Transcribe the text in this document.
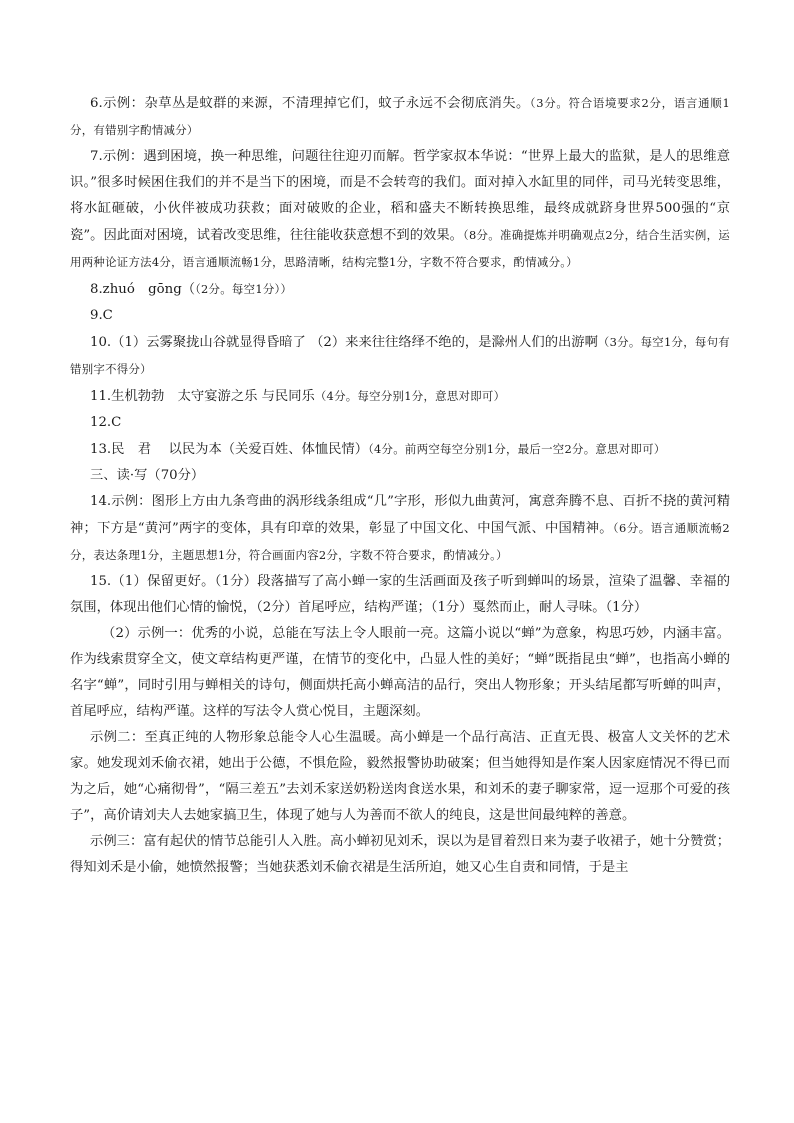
6.示例：杂草丛是蚊群的来源，不清理掉它们，蚊子永远不会彻底消失。（3分。符合语境要求2分，语言通顺1分，有错别字酌情减分）

7.示例：遇到困境，换一种思维，问题往往迎刃而解。哲学家叔本华说：“世界上最大的监狱，是人的思维意识。”很多时候困住我们的并不是当下的困境，而是不会转弯的我们。面对掉入水缸里的同伴，司马光转变思维，将水缸砸破，小伙伴被成功获救；面对破败的企业，稻和盛夫不断转换思维，最终成就跻身世界500强的“京瓷”。因此面对困境，试着改变思维，往往能收获意想不到的效果。（8分。准确提炼并明确观点2分，结合生活实例，运用两种论证方法4分，语言通顺流畅1分，思路清晰，结构完整1分，字数不符合要求，酌情减分。）

8.zhuó　gōng（（2分。每空1分））

9.C

10.（1）云雾聚拢山谷就显得昏暗了 （2）来来往往络绎不绝的，是滁州人们的出游啊（3分。每空1分，每句有错别字不得分）

11.生机勃勃　太守宴游之乐 与民同乐（4分。每空分别1分，意思对即可）

12.C

13.民　君　 以民为本（关爱百姓、体恤民情）（4分。前两空每空分别1分，最后一空2分。意思对即可）

三、读·写（70分）

14.示例：图形上方由九条弯曲的涡形线条组成“几”字形，形似九曲黄河，寓意奔腾不息、百折不挠的黄河精神；下方是“黄河”两字的变体，具有印章的效果，彰显了中国文化、中国气派、中国精神。（6分。语言通顺流畅2分，表达条理1分，主题思想1分，符合画面内容2分，字数不符合要求，酌情减分。）

15.（1）保留更好。（1分）段落描写了高小蝉一家的生活画面及孩子听到蝉叫的场景，渲染了温馨、幸福的氛围，体现出他们心情的愉悦，（2分）首尾呼应，结构严谨；（1分）戛然而止，耐人寻味。（1分）

（2）示例一：优秀的小说，总能在写法上令人眼前一亮。这篇小说以“蝉”为意象，构思巧妙，内涵丰富。作为线索贯穿全文，使文章结构更严谨，在情节的变化中，凸显人性的美好；“蝉”既指昆虫“蝉”，也指高小蝉的名字“蝉”，同时引用与蝉相关的诗句，侧面烘托高小蝉高洁的品行，突出人物形象；开头结尾都写听蝉的叫声，首尾呼应，结构严谨。这样的写法令人赏心悦目，主题深刻。

示例二：至真正纯的人物形象总能令人心生温暖。高小蝉是一个品行高洁、正直无畏、极富人文关怀的艺术家。她发现刘禾偷衣裙，她出于公德，不惧危险，毅然报警协助破案；但当她得知是作案人因家庭情况不得已而为之后，她“心痛彻骨”，“隔三差五”去刘禾家送奶粉送肉食送水果，和刘禾的妻子聊家常，逗一逗那个可爱的孩子”，高价请刘夫人去她家搞卫生，体现了她与人为善而不欲人的纯良，这是世间最纯粹的善意。

示例三：富有起伏的情节总能引人入胜。高小蝉初见刘禾，误以为是冒着烈日来为妻子收裙子，她十分赞赏；得知刘禾是小偷，她愤然报警；当她获悉刘禾偷衣裙是生活所迫，她又心生自责和同情，于是主
